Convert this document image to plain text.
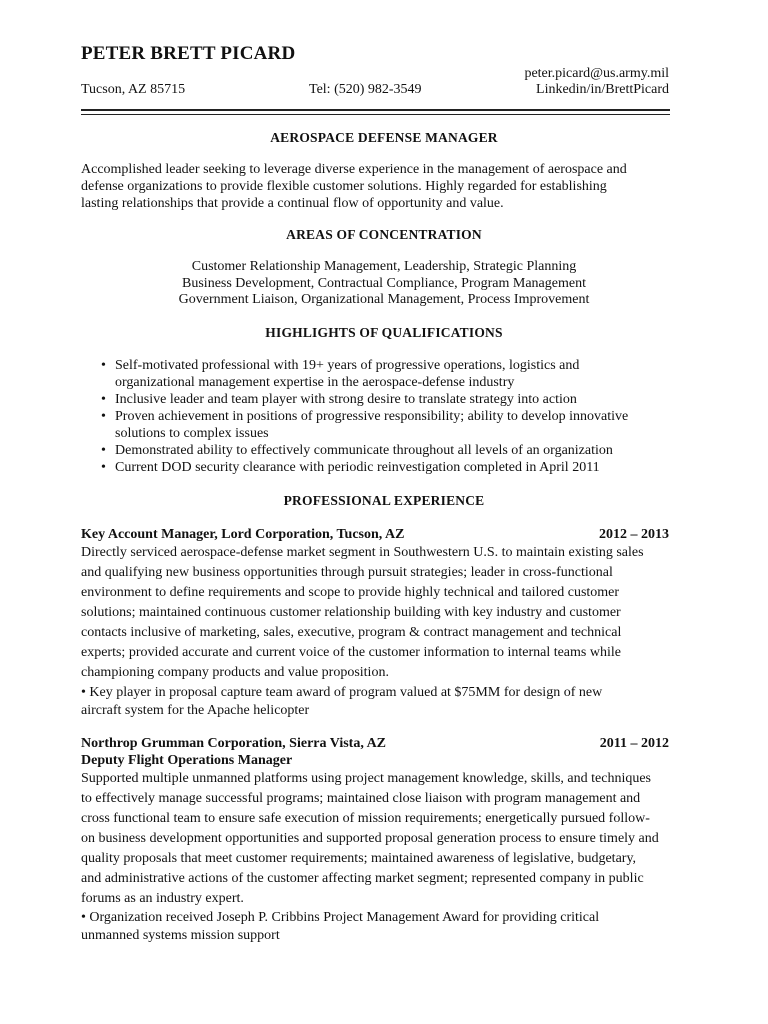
PETER BRETT PICARD
peter.picard@us.army.mil
Tucson, AZ 85715	Tel: (520) 982-3549	Linkedin/in/BrettPicard
AEROSPACE DEFENSE MANAGER
Accomplished leader seeking to leverage diverse experience in the management of aerospace and
defense organizations to provide flexible customer solutions. Highly regarded for establishing
lasting relationships that provide a continual flow of opportunity and value.
AREAS OF CONCENTRATION
Customer Relationship Management, Leadership, Strategic Planning
Business Development, Contractual Compliance, Program Management
Government Liaison, Organizational Management, Process Improvement
HIGHLIGHTS OF QUALIFICATIONS
• Self-motivated professional with 19+ years of progressive operations, logistics and
organizational management expertise in the aerospace-defense industry
• Inclusive leader and team player with strong desire to translate strategy into action
• Proven achievement in positions of progressive responsibility; ability to develop innovative
solutions to complex issues
• Demonstrated ability to effectively communicate throughout all levels of an organization
• Current DOD security clearance with periodic reinvestigation completed in April 2011
PROFESSIONAL EXPERIENCE
Key Account Manager, Lord Corporation, Tucson, AZ	2012 – 2013
Directly serviced aerospace-defense market segment in Southwestern U.S. to maintain existing sales
and qualifying new business opportunities through pursuit strategies; leader in cross-functional
environment to define requirements and scope to provide highly technical and tailored customer
solutions; maintained continuous customer relationship building with key industry and customer
contacts inclusive of marketing, sales, executive, program & contract management and technical
experts; provided accurate and current voice of the customer information to internal teams while
championing company products and value proposition.
• Key player in proposal capture team award of program valued at $75MM for design of new
aircraft system for the Apache helicopter
Northrop Grumman Corporation, Sierra Vista, AZ	2011 – 2012
Deputy Flight Operations Manager
Supported multiple unmanned platforms using project management knowledge, skills, and techniques
to effectively manage successful programs; maintained close liaison with program management and
cross functional team to ensure safe execution of mission requirements; energetically pursued follow-
on business development opportunities and supported proposal generation process to ensure timely and
quality proposals that meet customer requirements; maintained awareness of legislative, budgetary,
and administrative actions of the customer affecting market segment; represented company in public
forums as an industry expert.
• Organization received Joseph P. Cribbins Project Management Award for providing critical
unmanned systems mission support
